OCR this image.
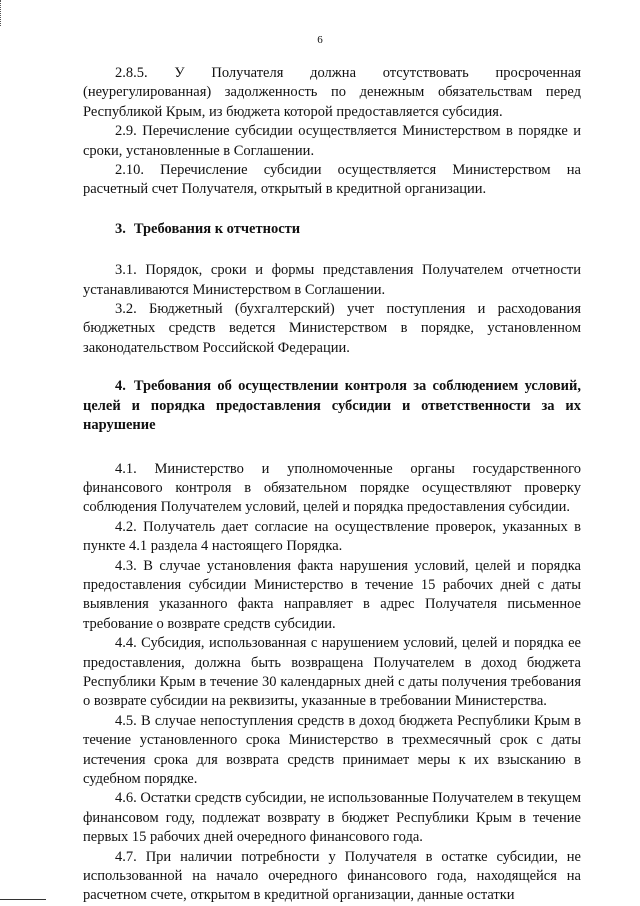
6

2.8.5. У Получателя должна отсутствовать просроченная (неурегулированная) задолженность по денежным обязательствам перед Республикой Крым, из бюджета которой предоставляется субсидия.

2.9. Перечисление субсидии осуществляется Министерством в порядке и сроки, установленные в Соглашении.

2.10. Перечисление субсидии осуществляется Министерством на расчетный счет Получателя, открытый в кредитной организации.

3. Требования к отчетности

3.1. Порядок, сроки и формы представления Получателем отчетности устанавливаются Министерством в Соглашении.

3.2. Бюджетный (бухгалтерский) учет поступления и расходования бюджетных средств ведется Министерством в порядке, установленном законодательством Российской Федерации.

4. Требования об осуществлении контроля за соблюдением условий, целей и порядка предоставления субсидии и ответственности за их нарушение

4.1. Министерство и уполномоченные органы государственного финансового контроля в обязательном порядке осуществляют проверку соблюдения Получателем условий, целей и порядка предоставления субсидии.

4.2. Получатель дает согласие на осуществление проверок, указанных в пункте 4.1 раздела 4 настоящего Порядка.

4.3. В случае установления факта нарушения условий, целей и порядка предоставления субсидии Министерство в течение 15 рабочих дней с даты выявления указанного факта направляет в адрес Получателя письменное требование о возврате средств субсидии.

4.4. Субсидия, использованная с нарушением условий, целей и порядка ее предоставления, должна быть возвращена Получателем в доход бюджета Республики Крым в течение 30 календарных дней с даты получения требования о возврате субсидии на реквизиты, указанные в требовании Министерства.

4.5. В случае непоступления средств в доход бюджета Республики Крым в течение установленного срока Министерство в трехмесячный срок с даты истечения срока для возврата средств принимает меры к их взысканию в судебном порядке.

4.6. Остатки средств субсидии, не использованные Получателем в текущем финансовом году, подлежат возврату в бюджет Республики Крым в течение первых 15 рабочих дней очередного финансового года.

4.7. При наличии потребности у Получателя в остатке субсидии, не использованной на начало очередного финансового года, находящейся на расчетном счете, открытом в кредитной организации, данные остатки
